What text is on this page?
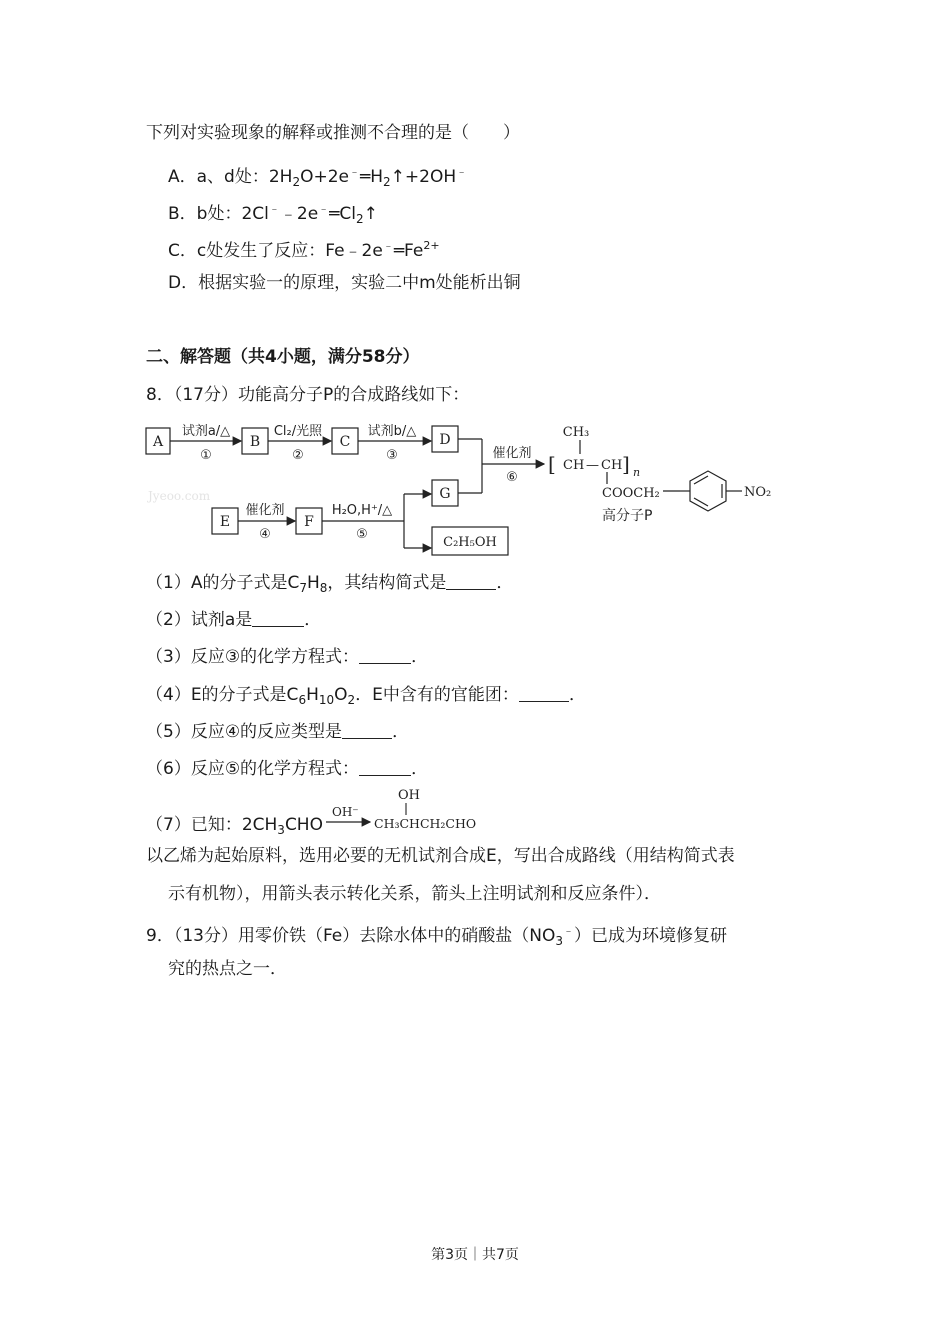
下列对实验现象的解释或推测不合理的是（　　）
A．a、d处：$2H_2O+2e^﹣═H_2↑+2OH^﹣$
B．b处：$2Cl^﹣﹣2e^﹣═Cl_2↑$
C．c处发生了反应：$Fe﹣2e^﹣═Fe^{2+}$
D．根据实验一的原理，实验二中m处能析出铜
二、解答题（共4小题，满分58分）
8．（17分）功能高分子P的合成路线如下：
A	B	C	D
E	F
G
C₂H₅OH
试剂a/△
①
Cl₂/光照
②
试剂b/△
③
催化剂
④
H₂O,H⁺/△
⑤
催化剂
⑥
Jyeoo.com
[
CH₃
CH — CH ] n
COOCH₂	NO₂
高分子P
（1）A的分子式是$C_7H_8$，其结构简式是	．
（2）试剂a是	．
（3）反应③的化学方程式：	．
（4）E的分子式是$C_6H_{10}O_2$．E中含有的官能团：	．
（5）反应④的反应类型是	．
（6）反应⑤的化学方程式：	．
（7）已知：$2CH_3CHO$
OH⁻
OH
CH₃CHCH₂CHO
以乙烯为起始原料，选用必要的无机试剂合成E，写出合成路线（用结构简式表
示有机物），用箭头表示转化关系，箭头上注明试剂和反应条件）．
9．（13分）用零价铁（Fe）去除水体中的硝酸盐$(NO_3^﹣)$已成为环境修复研
究的热点之一．
第3页｜共7页
